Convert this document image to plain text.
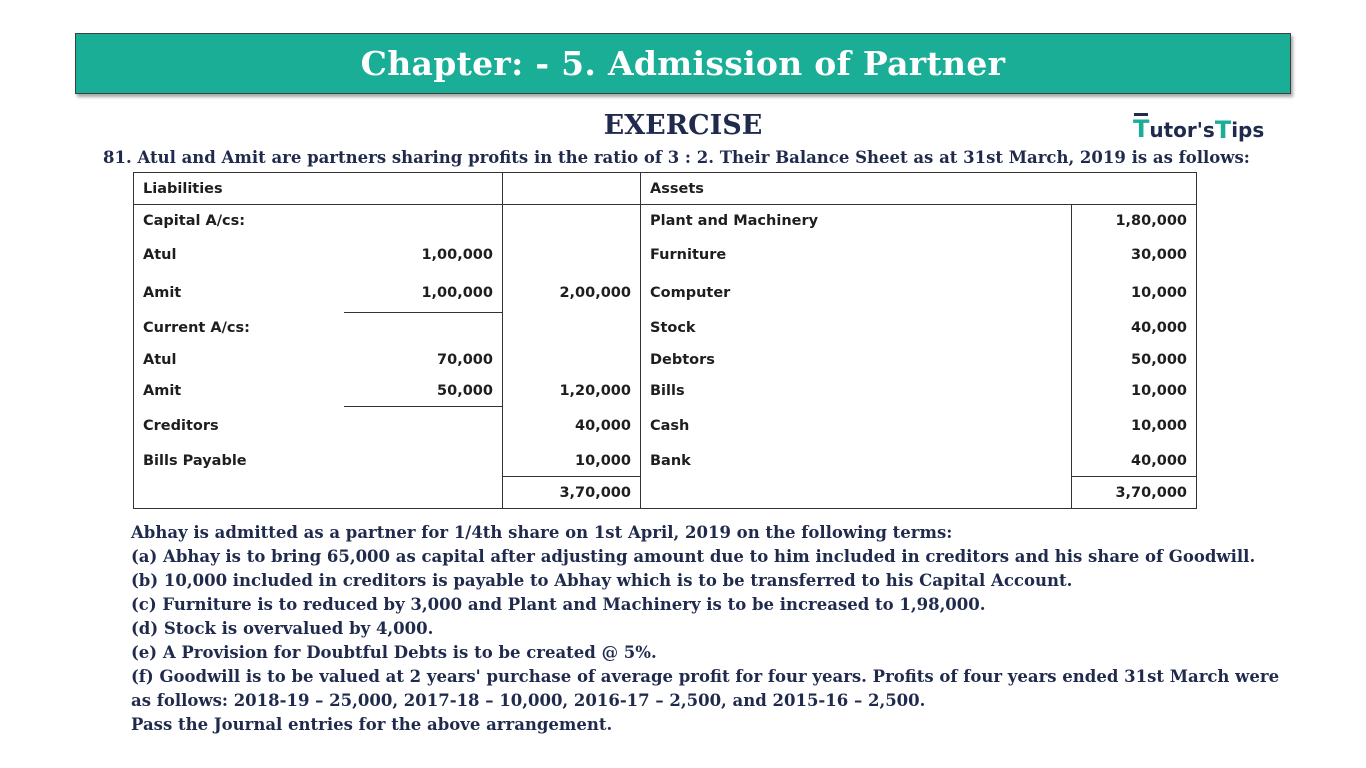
Chapter: - 5. Admission of Partner
EXERCISE	T utor's T ips
81. Atul and Amit are partners sharing profits in the ratio of 3 : 2. Their Balance Sheet as at 31st March, 2019 is as follows:
Liabilities			Assets	
Capital A/cs:			Plant and Machinery	1,80,000
Atul	1,00,000		Furniture	30,000
Amit	1,00,000	2,00,000	Computer	10,000
Current A/cs:			Stock	40,000
Atul	70,000		Debtors	50,000
Amit	50,000	1,20,000	Bills	10,000
Creditors		40,000	Cash	10,000
Bills Payable		10,000	Bank	40,000
		3,70,000		3,70,000
Abhay is admitted as a partner for 1/4th share on 1st April, 2019 on the following terms:
(a) Abhay is to bring 65,000 as capital after adjusting amount due to him included in creditors and his share of Goodwill.
(b) 10,000 included in creditors is payable to Abhay which is to be transferred to his Capital Account.
(c) Furniture is to reduced by 3,000 and Plant and Machinery is to be increased to 1,98,000.
(d) Stock is overvalued by 4,000.
(e) A Provision for Doubtful Debts is to be created @ 5%.
(f) Goodwill is to be valued at 2 years' purchase of average profit for four years. Profits of four years ended 31st March were
as follows: 2018-19 – 25,000, 2017-18 – 10,000, 2016-17 – 2,500, and 2015-16 – 2,500.
Pass the Journal entries for the above arrangement.
